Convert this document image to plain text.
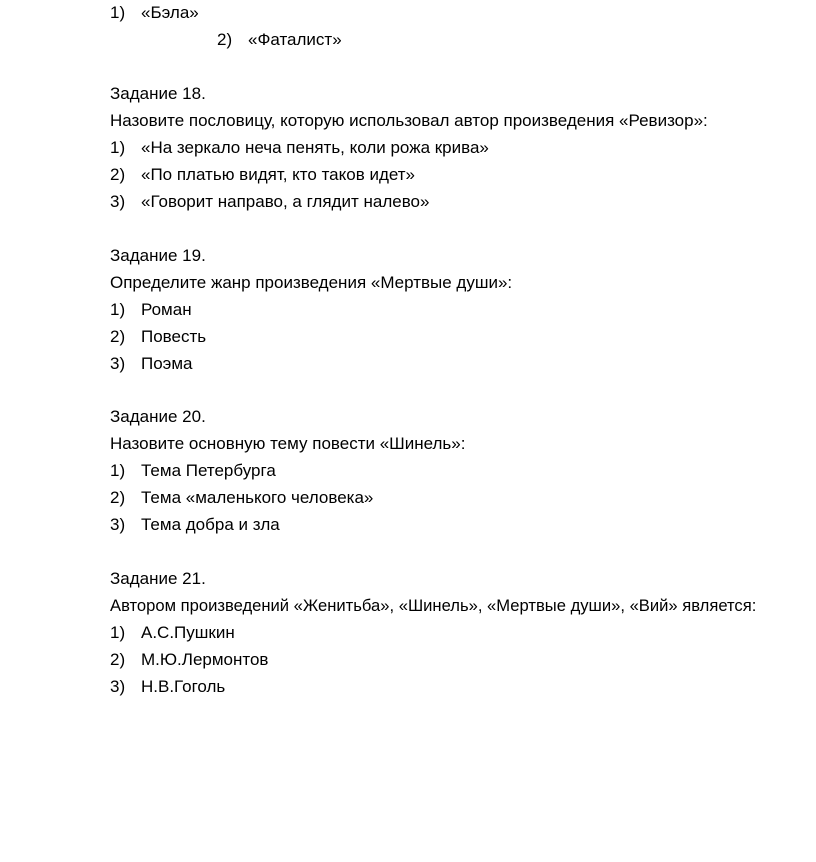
1) «Бэла»
2) «Фаталист»
Задание 18.
Назовите пословицу, которую использовал автор произведения «Ревизор»:
1) «На зеркало неча пенять, коли рожа крива»
2) «По платью видят, кто таков идет»
3) «Говорит направо, а глядит налево»
Задание 19.
Определите жанр произведения «Мертвые души»:
1) Роман
2) Повесть
3) Поэма
Задание 20.
Назовите основную тему повести «Шинель»:
1) Тема Петербурга
2) Тема «маленького человека»
3) Тема добра и зла
Задание 21.
Автором произведений «Женитьба», «Шинель», «Мертвые души», «Вий» является:
1) А.С.Пушкин
2) М.Ю.Лермонтов
3) Н.В.Гоголь
